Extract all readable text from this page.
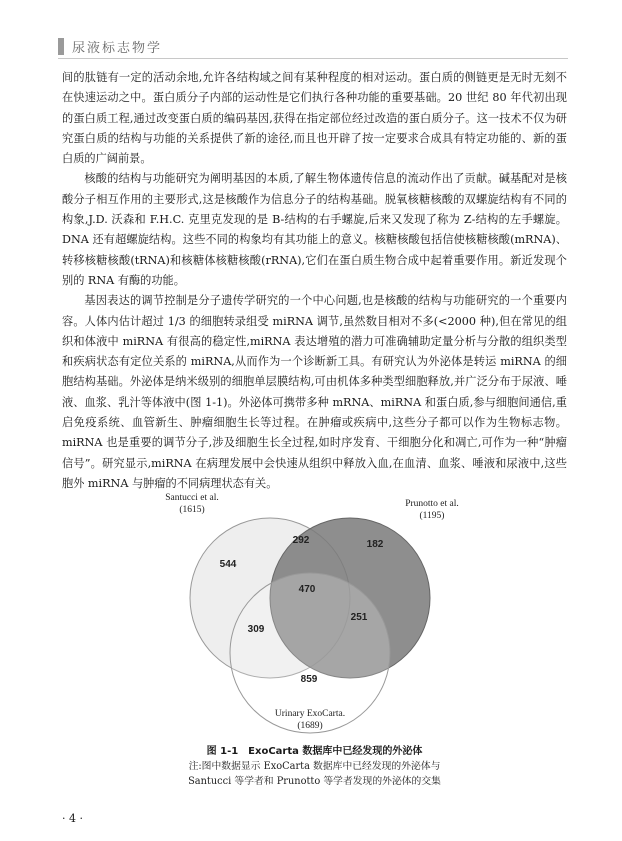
尿液标志物学

间的肽链有一定的活动余地,允许各结构域之间有某种程度的相对运动。蛋白质的侧链更是无时无刻不在快速运动之中。蛋白质分子内部的运动性是它们执行各种功能的重要基础。20 世纪 80 年代初出现的蛋白质工程,通过改变蛋白质的编码基因,获得在指定部位经过改造的蛋白质分子。这一技术不仅为研究蛋白质的结构与功能的关系提供了新的途径,而且也开辟了按一定要求合成具有特定功能的、新的蛋白质的广阔前景。

核酸的结构与功能研究为阐明基因的本质,了解生物体遗传信息的流动作出了贡献。碱基配对是核酸分子相互作用的主要形式,这是核酸作为信息分子的结构基础。脱氧核糖核酸的双螺旋结构有不同的构象,J.D. 沃森和 F.H.C. 克里克发现的是 B-结构的右手螺旋,后来又发现了称为 Z-结构的左手螺旋。DNA 还有超螺旋结构。这些不同的构象均有其功能上的意义。核糖核酸包括信使核糖核酸(mRNA)、转移核糖核酸(tRNA)和核糖体核糖核酸(rRNA),它们在蛋白质生物合成中起着重要作用。新近发现个别的 RNA 有酶的功能。

基因表达的调节控制是分子遗传学研究的一个中心问题,也是核酸的结构与功能研究的一个重要内容。人体内估计超过 1/3 的细胞转录组受 miRNA 调节,虽然数目相对不多(<2000 种),但在常见的组织和体液中 miRNA 有很高的稳定性,miRNA 表达增殖的潜力可准确辅助定量分析与分散的组织类型和疾病状态有定位关系的 miRNA,从而作为一个诊断新工具。有研究认为外泌体是转运 miRNA 的细胞结构基础。外泌体是纳米级别的细胞单层膜结构,可由机体多种类型细胞释放,并广泛分布于尿液、唾液、血浆、乳汁等体液中(图 1-1)。外泌体可携带多种 mRNA、miRNA 和蛋白质,参与细胞间通信,重启免疫系统、血管新生、肿瘤细胞生长等过程。在肿瘤或疾病中,这些分子都可以作为生物标志物。miRNA 也是重要的调节分子,涉及细胞生长全过程,如时序发育、干细胞分化和凋亡,可作为一种“肿瘤信号”。研究显示,miRNA 在病理发展中会快速从组织中释放入血,在血清、血浆、唾液和尿液中,这些胞外 miRNA 与肿瘤的不同病理状态有关。

Santucci et al.
(1615)
Prunotto et al.
(1195)
Urinary ExoCarta.
(1689)
544
292	182
470
309
251
859
图 1-1　ExoCarta 数据库中已经发现的外泌体
注:图中数据显示 ExoCarta 数据库中已经发现的外泌体与
Santucci 等学者和 Prunotto 等学者发现的外泌体的交集
· 4 ·
